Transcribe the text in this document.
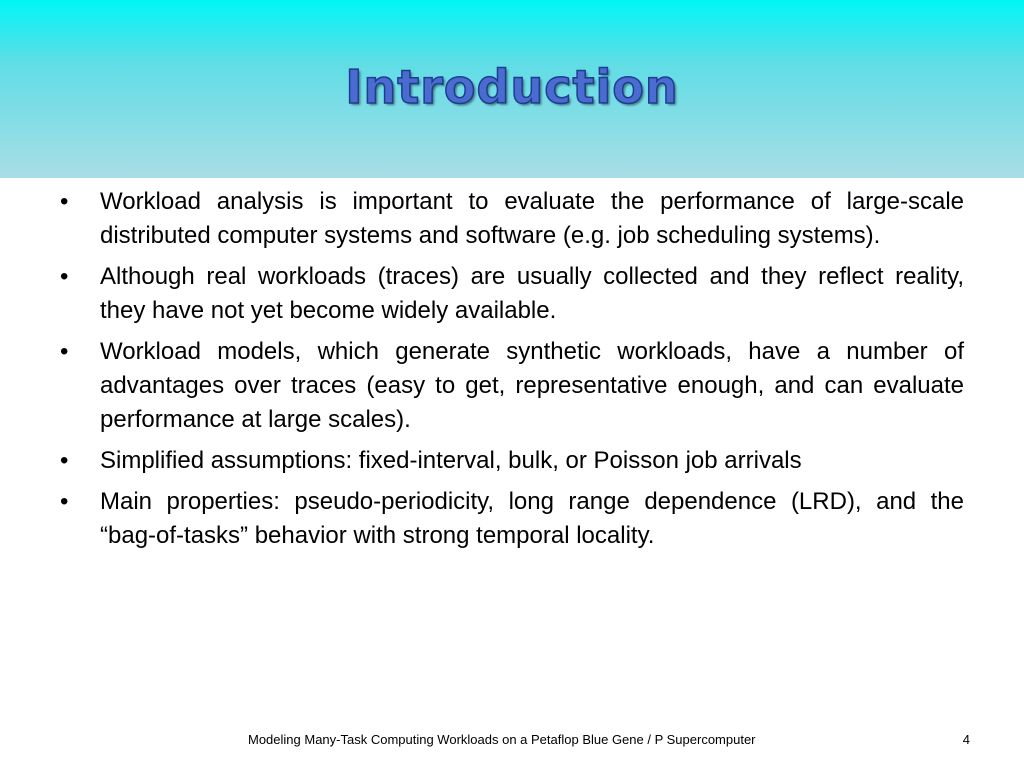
Introduction
• Workload analysis is important to evaluate the performance of large-scale distributed computer systems and software (e.g. job scheduling systems).
• Although real workloads (traces) are usually collected and they reflect reality, they have not yet become widely available.
• Workload models, which generate synthetic workloads, have a number of advantages over traces (easy to get, representative enough, and can evaluate performance at large scales).
• Simplified assumptions: fixed-interval, bulk, or Poisson job arrivals
• Main properties: pseudo-periodicity, long range dependence (LRD), and the “bag-of-tasks” behavior with strong temporal locality.
Modeling Many-Task Computing Workloads on a Petaflop Blue Gene / P Supercomputer	4
